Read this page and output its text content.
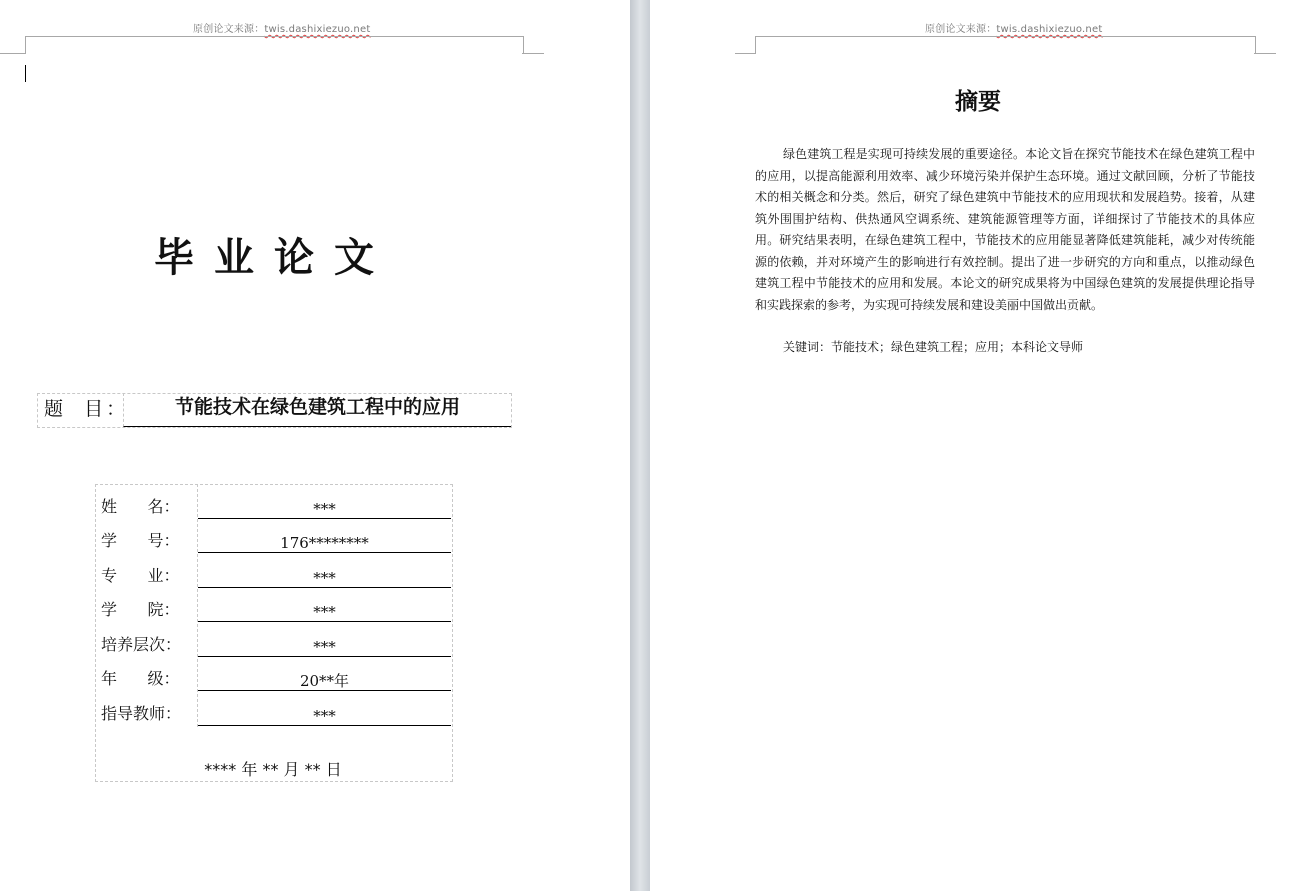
原创论文来源：twis.dashixiezuo.net	原创论文来源：twis.dashixiezuo.net
毕业论文
题  目：	节能技术在绿色建筑工程中的应用
姓      名：	***
学      号：	176********
专      业：	***
学      院：	***
培养层次：	***
年      级：	20**年
指导教师：	***
**** 年 ** 月 ** 日
摘要
绿色建筑工程是实现可持续发展的重要途径。本论文旨在探究节能技术在绿色建筑工程中的应用，以提高能源利用效率、减少环境污染并保护生态环境。通过文献回顾，分析了节能技术的相关概念和分类。然后，研究了绿色建筑中节能技术的应用现状和发展趋势。接着，从建筑外围围护结构、供热通风空调系统、建筑能源管理等方面，详细探讨了节能技术的具体应用。研究结果表明，在绿色建筑工程中，节能技术的应用能显著降低建筑能耗，减少对传统能源的依赖，并对环境产生的影响进行有效控制。提出了进一步研究的方向和重点，以推动绿色建筑工程中节能技术的应用和发展。本论文的研究成果将为中国绿色建筑的发展提供理论指导和实践探索的参考，为实现可持续发展和建设美丽中国做出贡献。
关键词：节能技术；绿色建筑工程；应用；本科论文导师
